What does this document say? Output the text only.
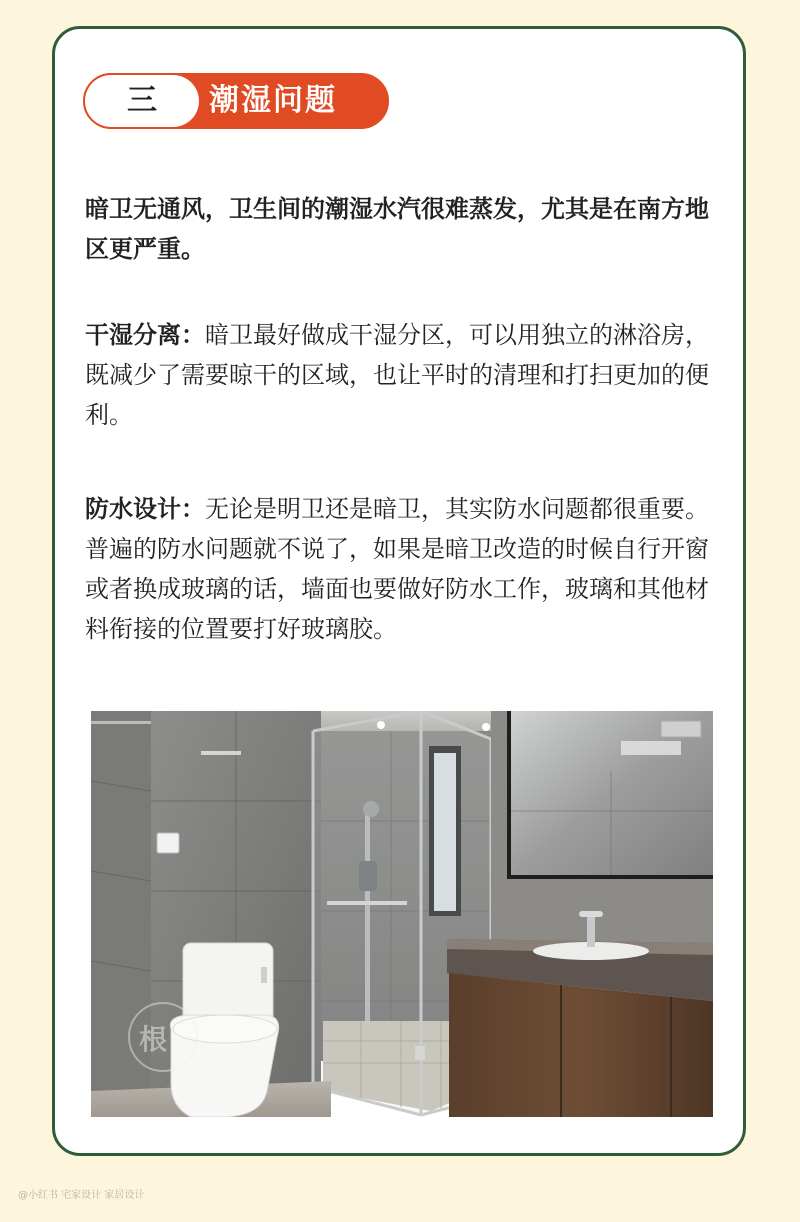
三	潮湿问题

暗卫无通风，卫生间的潮湿水汽很难蒸发，尤其是在南方地区更严重。

干湿分离：暗卫最好做成干湿分区，可以用独立的淋浴房，既减少了需要晾干的区域，也让平时的清理和打扫更加的便利。

防水设计：无论是明卫还是暗卫，其实防水问题都很重要。普遍的防水问题就不说了，如果是暗卫改造的时候自行开窗或者换成玻璃的话，墙面也要做好防水工作，玻璃和其他材料衔接的位置要打好玻璃胶。

根
@小红书 宅家设计 家居设计
